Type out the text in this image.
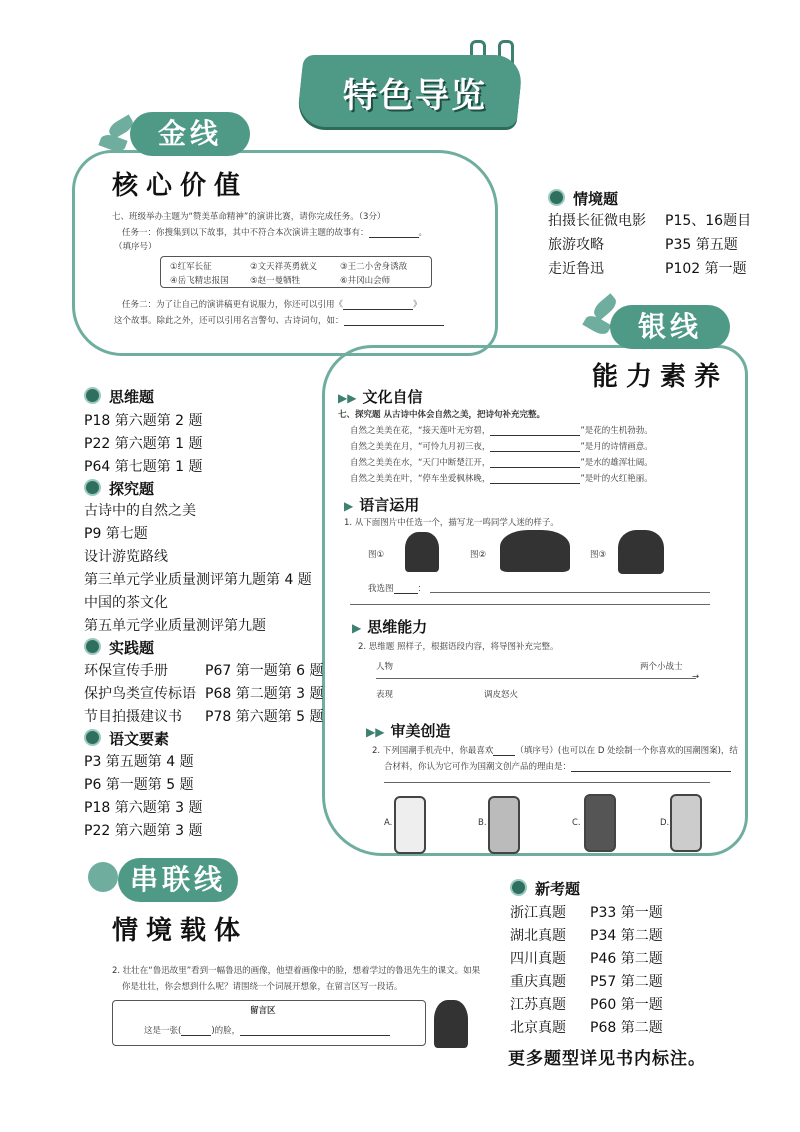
特色导览
金线
核心价值
七、班级举办主题为“赞美革命精神”的演讲比赛，请你完成任务。（3分）
任务一：你搜集到以下故事，其中不符合本次演讲主题的故事有：	。
（填序号）
①红军长征	②文天祥英勇就义	③王二小舍身诱敌
④岳飞精忠报国	⑤赵一曼牺牲	⑥井冈山会师
任务二：为了让自己的演讲稿更有说服力，你还可以引用《	》
这个故事。除此之外，还可以引用名言警句、古诗词句，如：
情境题
拍摄长征微电影 P15、16题目
旅游攻略	P35 第五题
走近鲁迅	P102 第一题
银线
能力素养
思维题
P18 第六题第 2 题
P22 第六题第 1 题
P64 第七题第 1 题
探究题
古诗中的自然之美
P9 第七题
设计游览路线
第三单元学业质量测评第九题第 4 题
中国的茶文化
第五单元学业质量测评第九题
实践题
环保宣传手册	P67 第一题第 6 题
保护鸟类宣传标语 P68 第二题第 3 题
节目拍摄建议书 P78 第六题第 5 题
语文要素
P3 第五题第 4 题
P6 第一题第 5 题
P18 第六题第 3 题
P22 第六题第 3 题
▶▶ 文化自信
七、探究题 从古诗中体会自然之美，把诗句补充完整。
自然之美美在花，“接天莲叶无穷碧，	”是花的生机勃勃。
自然之美美在月，“可怜九月初三夜，	”是月的诗情画意。
自然之美美在水，“天门中断楚江开，	”是水的雄浑壮阔。
自然之美美在叶，“停车坐爱枫林晚，	”是叶的火红艳丽。
▶ 语言运用
1. 从下面图片中任选一个，描写龙一鸣同学人迷的样子。
图①	图②	图③
我选图	：
▶ 思维能力
2. 思维题 照样子，根据语段内容，将导图补充完整。
人物	两个小战士
→
表现	调皮怒火
▶▶ 审美创造
2. 下列国潮手机壳中，你最喜欢	（填序号）(也可以在 D 处绘制一个你喜欢的国潮图案)，结
合材料，你认为它可作为国潮文创产品的理由是：
A.	B.	C.	D.
串联线
情境载体
2. 壮壮在“鲁迅故里”看到一幅鲁迅的画像，他望着画像中的脸，想着学过的鲁迅先生的课文。如果
你是壮壮，你会想到什么呢？请围绕一个词展开想象，在留言区写一段话。
留言区
这是一张(	)的脸，
新考题
浙江真题 P33 第一题
湖北真题 P34 第二题
四川真题 P46 第二题
重庆真题 P57 第二题
江苏真题 P60 第一题
北京真题 P68 第二题
更多题型详见书内标注。
